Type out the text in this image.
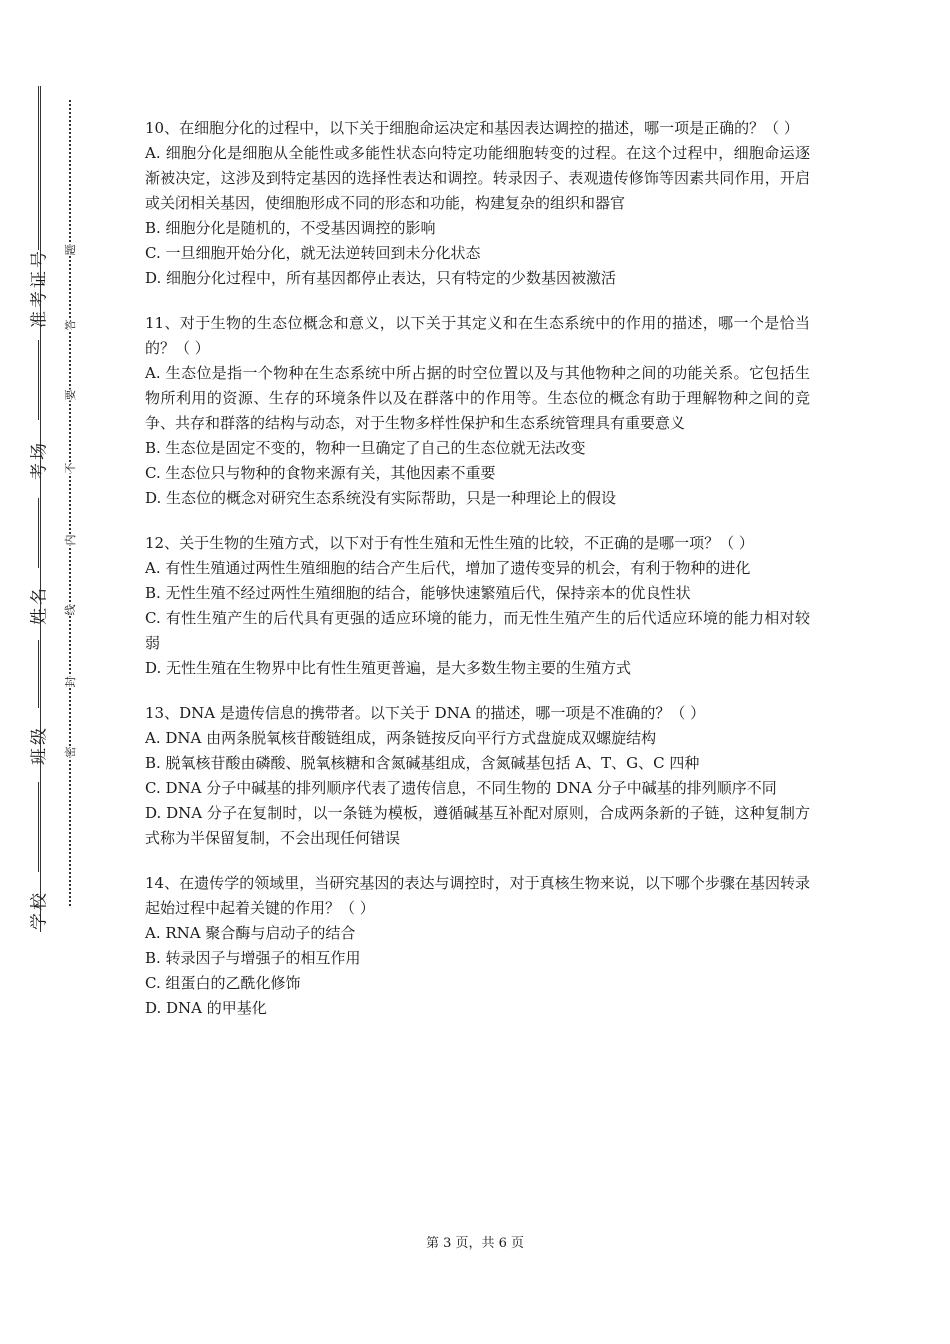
准考证号
考场
姓名
班级
学校
题
答
要
不
内
线
封
密

10、在细胞分化的过程中，以下关于细胞命运决定和基因表达调控的描述，哪一项是正确的？（ ）

A. 细胞分化是细胞从全能性或多能性状态向特定功能细胞转变的过程。在这个过程中，细胞命运逐渐被决定，这涉及到特定基因的选择性表达和调控。转录因子、表观遗传修饰等因素共同作用，开启或关闭相关基因，使细胞形成不同的形态和功能，构建复杂的组织和器官

B. 细胞分化是随机的，不受基因调控的影响

C. 一旦细胞开始分化，就无法逆转回到未分化状态

D. 细胞分化过程中，所有基因都停止表达，只有特定的少数基因被激活

11、对于生物的生态位概念和意义，以下关于其定义和在生态系统中的作用的描述，哪一个是恰当的？（ ）

A. 生态位是指一个物种在生态系统中所占据的时空位置以及与其他物种之间的功能关系。它包括生物所利用的资源、生存的环境条件以及在群落中的作用等。生态位的概念有助于理解物种之间的竞争、共存和群落的结构与动态，对于生物多样性保护和生态系统管理具有重要意义

B. 生态位是固定不变的，物种一旦确定了自己的生态位就无法改变

C. 生态位只与物种的食物来源有关，其他因素不重要

D. 生态位的概念对研究生态系统没有实际帮助，只是一种理论上的假设

12、关于生物的生殖方式，以下对于有性生殖和无性生殖的比较，不正确的是哪一项？（ ）

A. 有性生殖通过两性生殖细胞的结合产生后代，增加了遗传变异的机会，有利于物种的进化

B. 无性生殖不经过两性生殖细胞的结合，能够快速繁殖后代，保持亲本的优良性状

C. 有性生殖产生的后代具有更强的适应环境的能力，而无性生殖产生的后代适应环境的能力相对较弱

D. 无性生殖在生物界中比有性生殖更普遍，是大多数生物主要的生殖方式

13、DNA 是遗传信息的携带者。以下关于 DNA 的描述，哪一项是不准确的？（ ）

A. DNA 由两条脱氧核苷酸链组成，两条链按反向平行方式盘旋成双螺旋结构

B. 脱氧核苷酸由磷酸、脱氧核糖和含氮碱基组成，含氮碱基包括 A、T、G、C 四种

C. DNA 分子中碱基的排列顺序代表了遗传信息，不同生物的 DNA 分子中碱基的排列顺序不同

D. DNA 分子在复制时，以一条链为模板，遵循碱基互补配对原则，合成两条新的子链，这种复制方式称为半保留复制，不会出现任何错误

14、在遗传学的领域里，当研究基因的表达与调控时，对于真核生物来说，以下哪个步骤在基因转录起始过程中起着关键的作用？（ ）

A. RNA 聚合酶与启动子的结合

B. 转录因子与增强子的相互作用

C. 组蛋白的乙酰化修饰

D. DNA 的甲基化

第 3 页，共 6 页
